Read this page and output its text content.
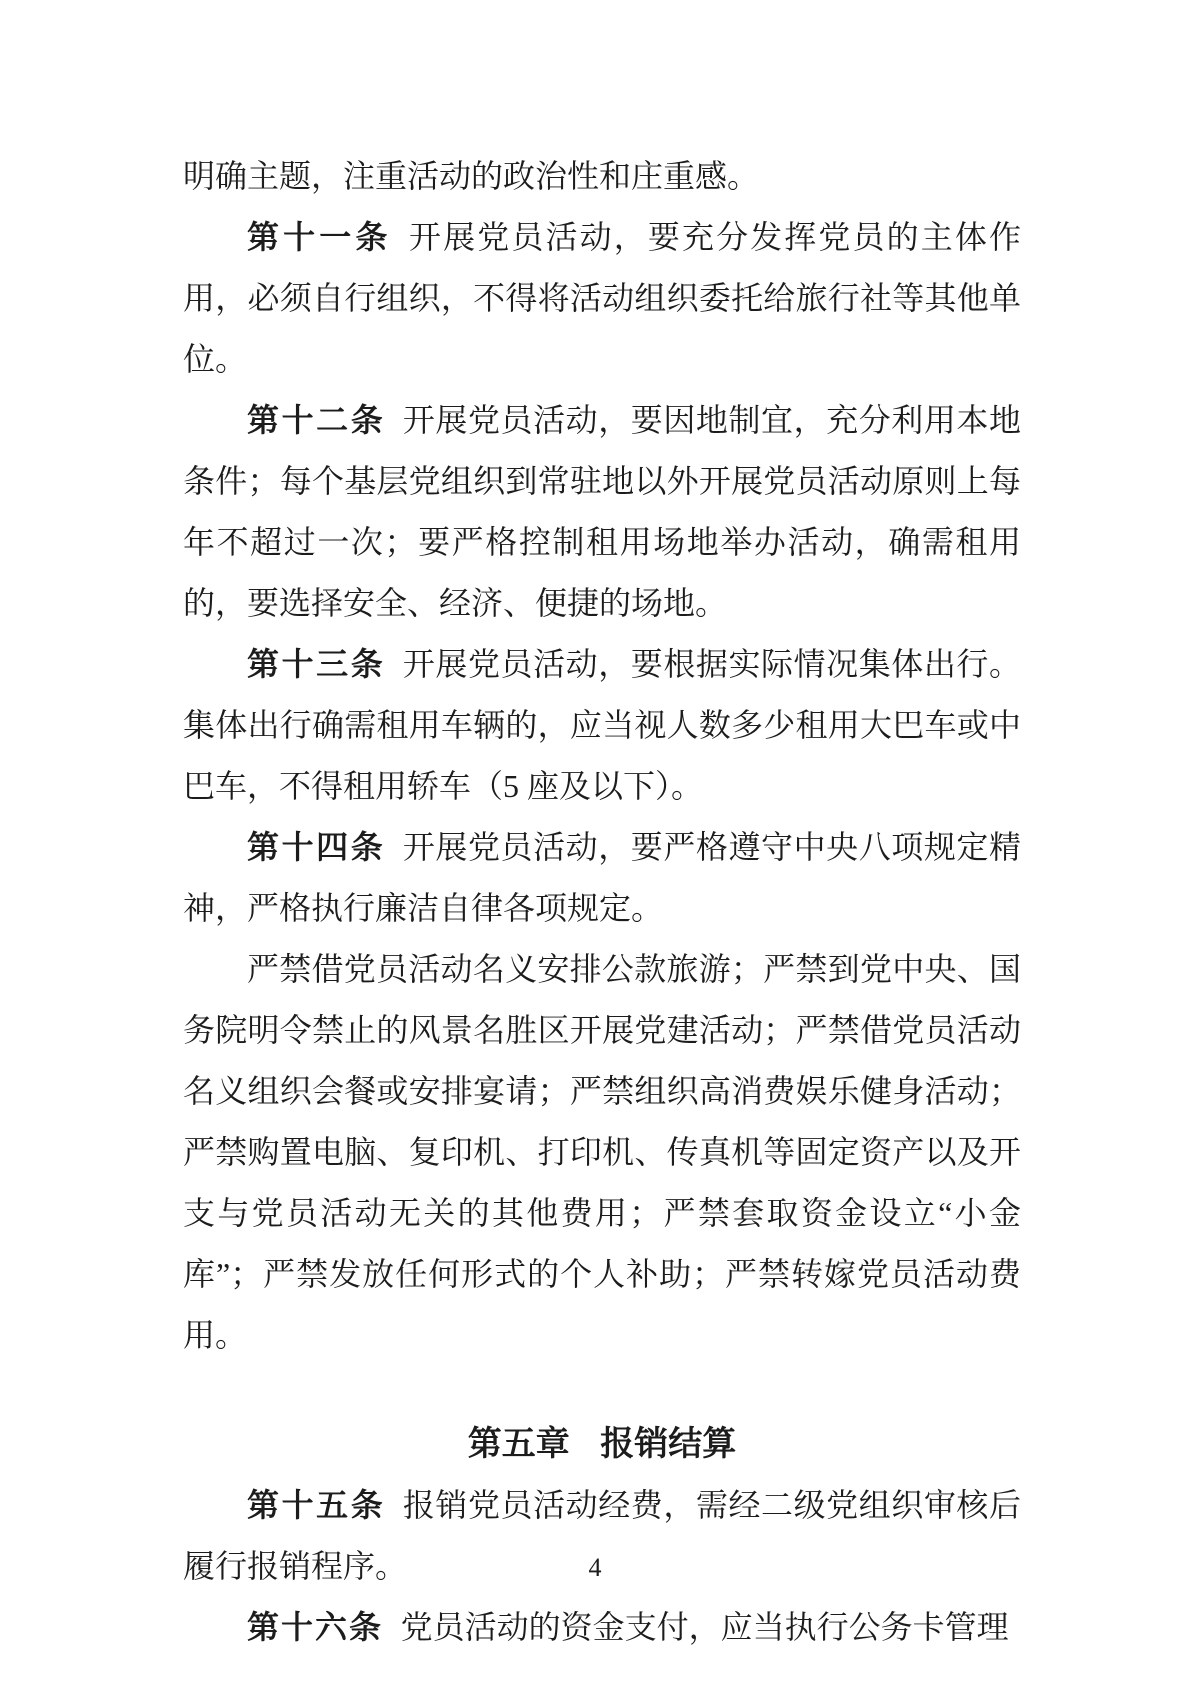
明确主题，注重活动的政治性和庄重感。

第十一条 开展党员活动，要充分发挥党员的主体作用，必须自行组织，不得将活动组织委托给旅行社等其他单位。

第十二条 开展党员活动，要因地制宜，充分利用本地条件；每个基层党组织到常驻地以外开展党员活动原则上每年不超过一次；要严格控制租用场地举办活动，确需租用的，要选择安全、经济、便捷的场地。

第十三条 开展党员活动，要根据实际情况集体出行。集体出行确需租用车辆的，应当视人数多少租用大巴车或中巴车，不得租用轿车（5 座及以下）。

第十四条 开展党员活动，要严格遵守中央八项规定精神，严格执行廉洁自律各项规定。

严禁借党员活动名义安排公款旅游；严禁到党中央、国务院明令禁止的风景名胜区开展党建活动；严禁借党员活动名义组织会餐或安排宴请；严禁组织高消费娱乐健身活动；严禁购置电脑、复印机、打印机、传真机等固定资产以及开支与党员活动无关的其他费用；严禁套取资金设立“小金库”；严禁发放任何形式的个人补助；严禁转嫁党员活动费用。

第五章 报销结算

第十五条 报销党员活动经费，需经二级党组织审核后履行报销程序。

第十六条 党员活动的资金支付，应当执行公务卡管理

4
